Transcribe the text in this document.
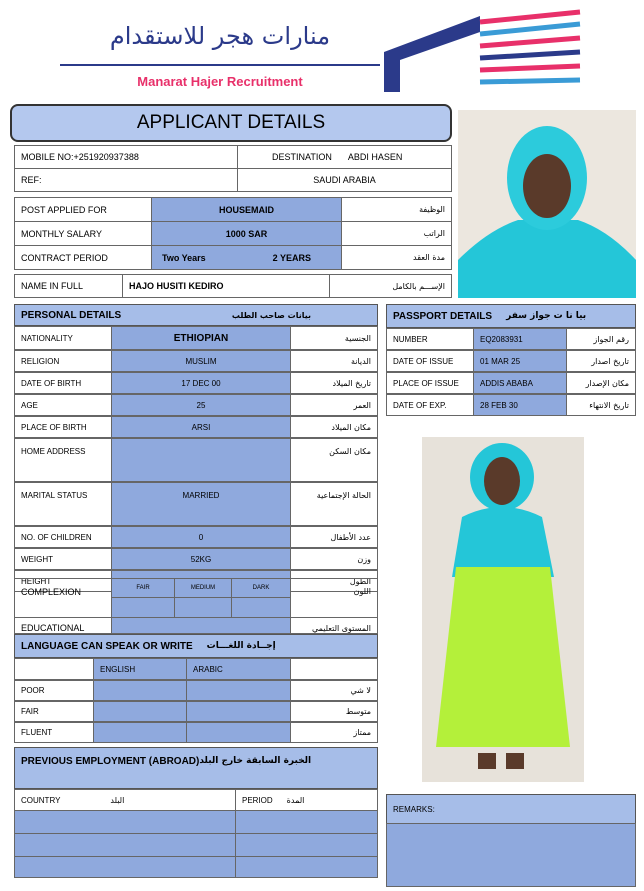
منارات هجر للاستقدام
Manarat Hajer Recruitment
APPLICANT DETAILS
MOBILE NO:+251920937388	DESTINATION ABDI HASEN
REF:	SAUDI ARABIA
POST APPLIED FOR	HOUSEMAID	الوظيفة
MONTHLY SALARY	1000 SAR	الراتب
CONTRACT PERIOD	Two Years	2 YEARS	مدة العقد
NAME IN FULL	HAJO HUSITI KEDIRO	الإســـم بالكامل
PERSONAL DETAILS	بيانات صاحب الطلب
NATIONALITY	ETHIOPIAN	الجنسية
RELIGION	MUSLIM	الديانة
DATE OF BIRTH	17 DEC 00	تاريخ الميلاد
AGE	25	العمر
PLACE OF BIRTH	ARSI	مكان الميلاد
HOME ADDRESS	مكان السكن
MARITAL STATUS	MARRIED	الحالة الإجتماعية
NO. OF CHILDREN	0	عدد الأطفال
WEIGHT	52KG	وزن
HEIGHT	الطول
COMPLEXION	FAIR	MEDIUM	DARK	اللون
EDUCATIONAL	المستوى التعليمي
LANGUAGE CAN SPEAK OR WRITE إجــادة اللغـــات
ENGLISH	ARABIC
POOR	لا شي
FAIR	متوسط
FLUENT	ممتاز
PASSPORT DETAILS بيا نا ت جواز سفر
NUMBER	EQ2083931	رقم الجواز
DATE OF ISSUE	01 MAR 25	تاريخ اصدار
PLACE OF ISSUE	ADDIS ABABA	مكان الإصدار
DATE OF EXP.	28 FEB 30	تاريخ الانتهاء
PREVIOUS EMPLOYMENT (ABROAD) الخبرة السابقة خارج البلد
COUNTRY	البلد	PERIOD المدة
REMARKS:
